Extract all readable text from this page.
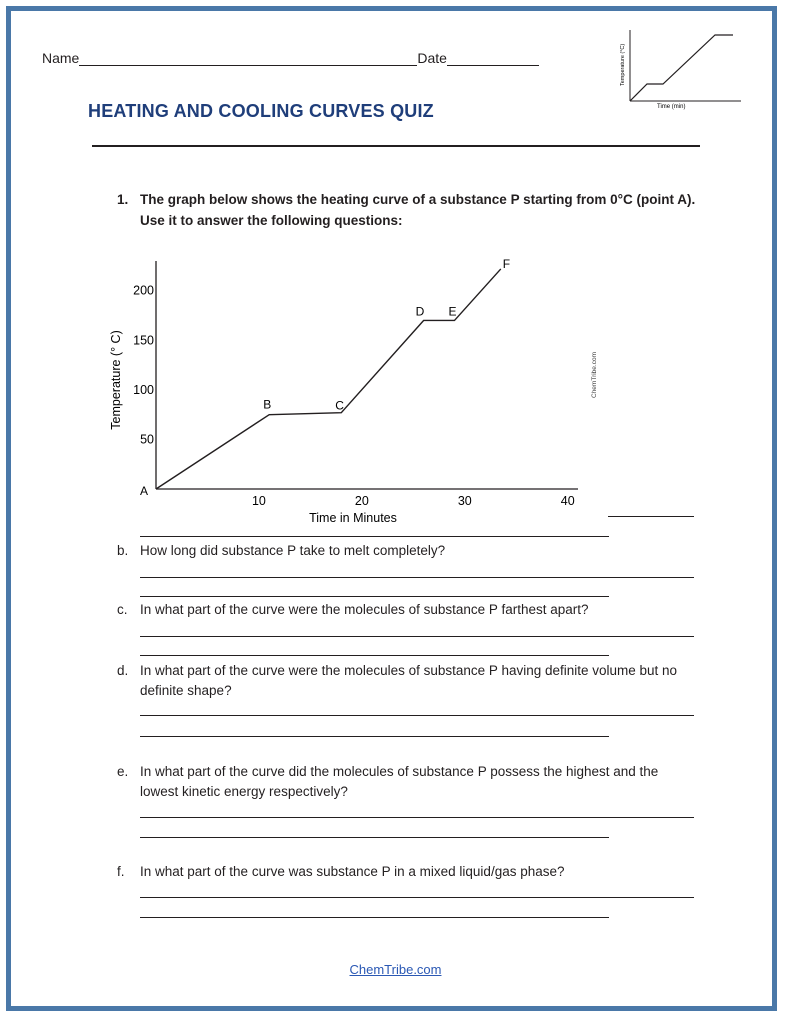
Name	Date	Temperature (°C)
Time (min)
HEATING AND COOLING CURVES QUIZ
1. The graph below shows the heating curve of a substance P starting from 0°C (point A). Use it to answer the following questions:
10	20	30	40
50
100
150
200
A
B	C
D E
F
Temperature (° C)
Time in Minutes
ChemTribe.com
b. How long did substance P take to melt completely?
c. In what part of the curve were the molecules of substance P farthest apart?
d. In what part of the curve were the molecules of substance P having definite volume but no definite shape?
e. In what part of the curve did the molecules of substance P possess the highest and the lowest kinetic energy respectively?
f. In what part of the curve was substance P in a mixed liquid/gas phase?
ChemTribe.com
